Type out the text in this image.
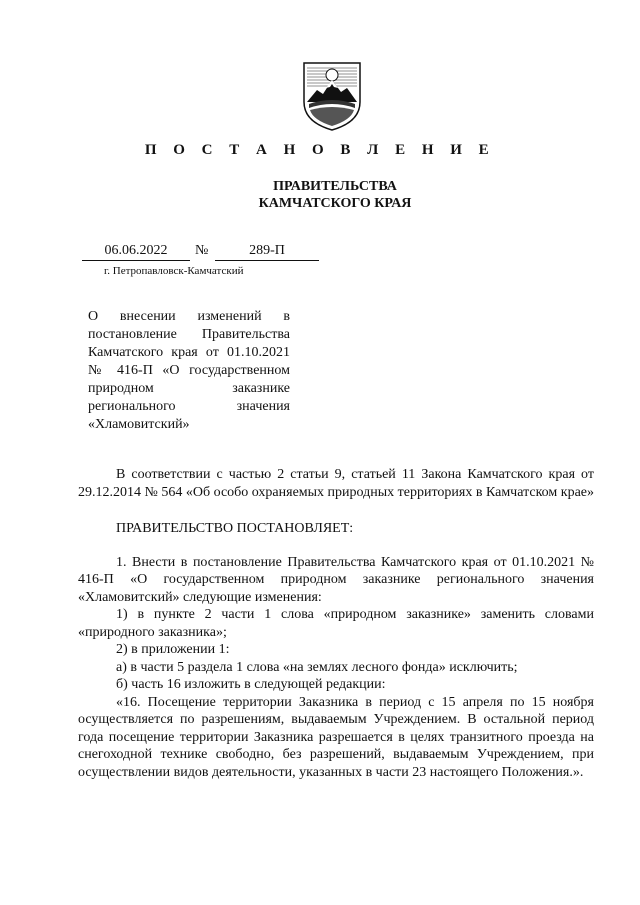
П О С Т А Н О В Л Е Н И Е
ПРАВИТЕЛЬСТВА
КАМЧАТСКОГО КРАЯ
06.06.2022	№	289-П
г. Петропавловск-Камчатский
О внесении изменений в постановление Правительства Камчатского края от 01.10.2021 № 416-П «О государственном природном заказнике регионального значения «Хламовитский»

В соответствии с частью 2 статьи 9, статьей 11 Закона Камчатского края от 29.12.2014 № 564 «Об особо охраняемых природных территориях в Камчатском крае»

ПРАВИТЕЛЬСТВО ПОСТАНОВЛЯЕТ:

1. Внести в постановление Правительства Камчатского края от 01.10.2021 № 416-П «О государственном природном заказнике регионального значения «Хламовитский» следующие изменения:

1) в пункте 2 части 1 слова «природном заказнике» заменить словами «природного заказника»;

2) в приложении 1:

а) в части 5 раздела 1 слова «на землях лесного фонда» исключить;

б) часть 16 изложить в следующей редакции:

«16. Посещение территории Заказника в период с 15 апреля по 15 ноября осуществляется по разрешениям, выдаваемым Учреждением. В остальной период года посещение территории Заказника разрешается в целях транзитного проезда на снегоходной технике свободно, без разрешений, выдаваемым Учреждением, при осуществлении видов деятельности, указанных в части 23 настоящего Положения.».
